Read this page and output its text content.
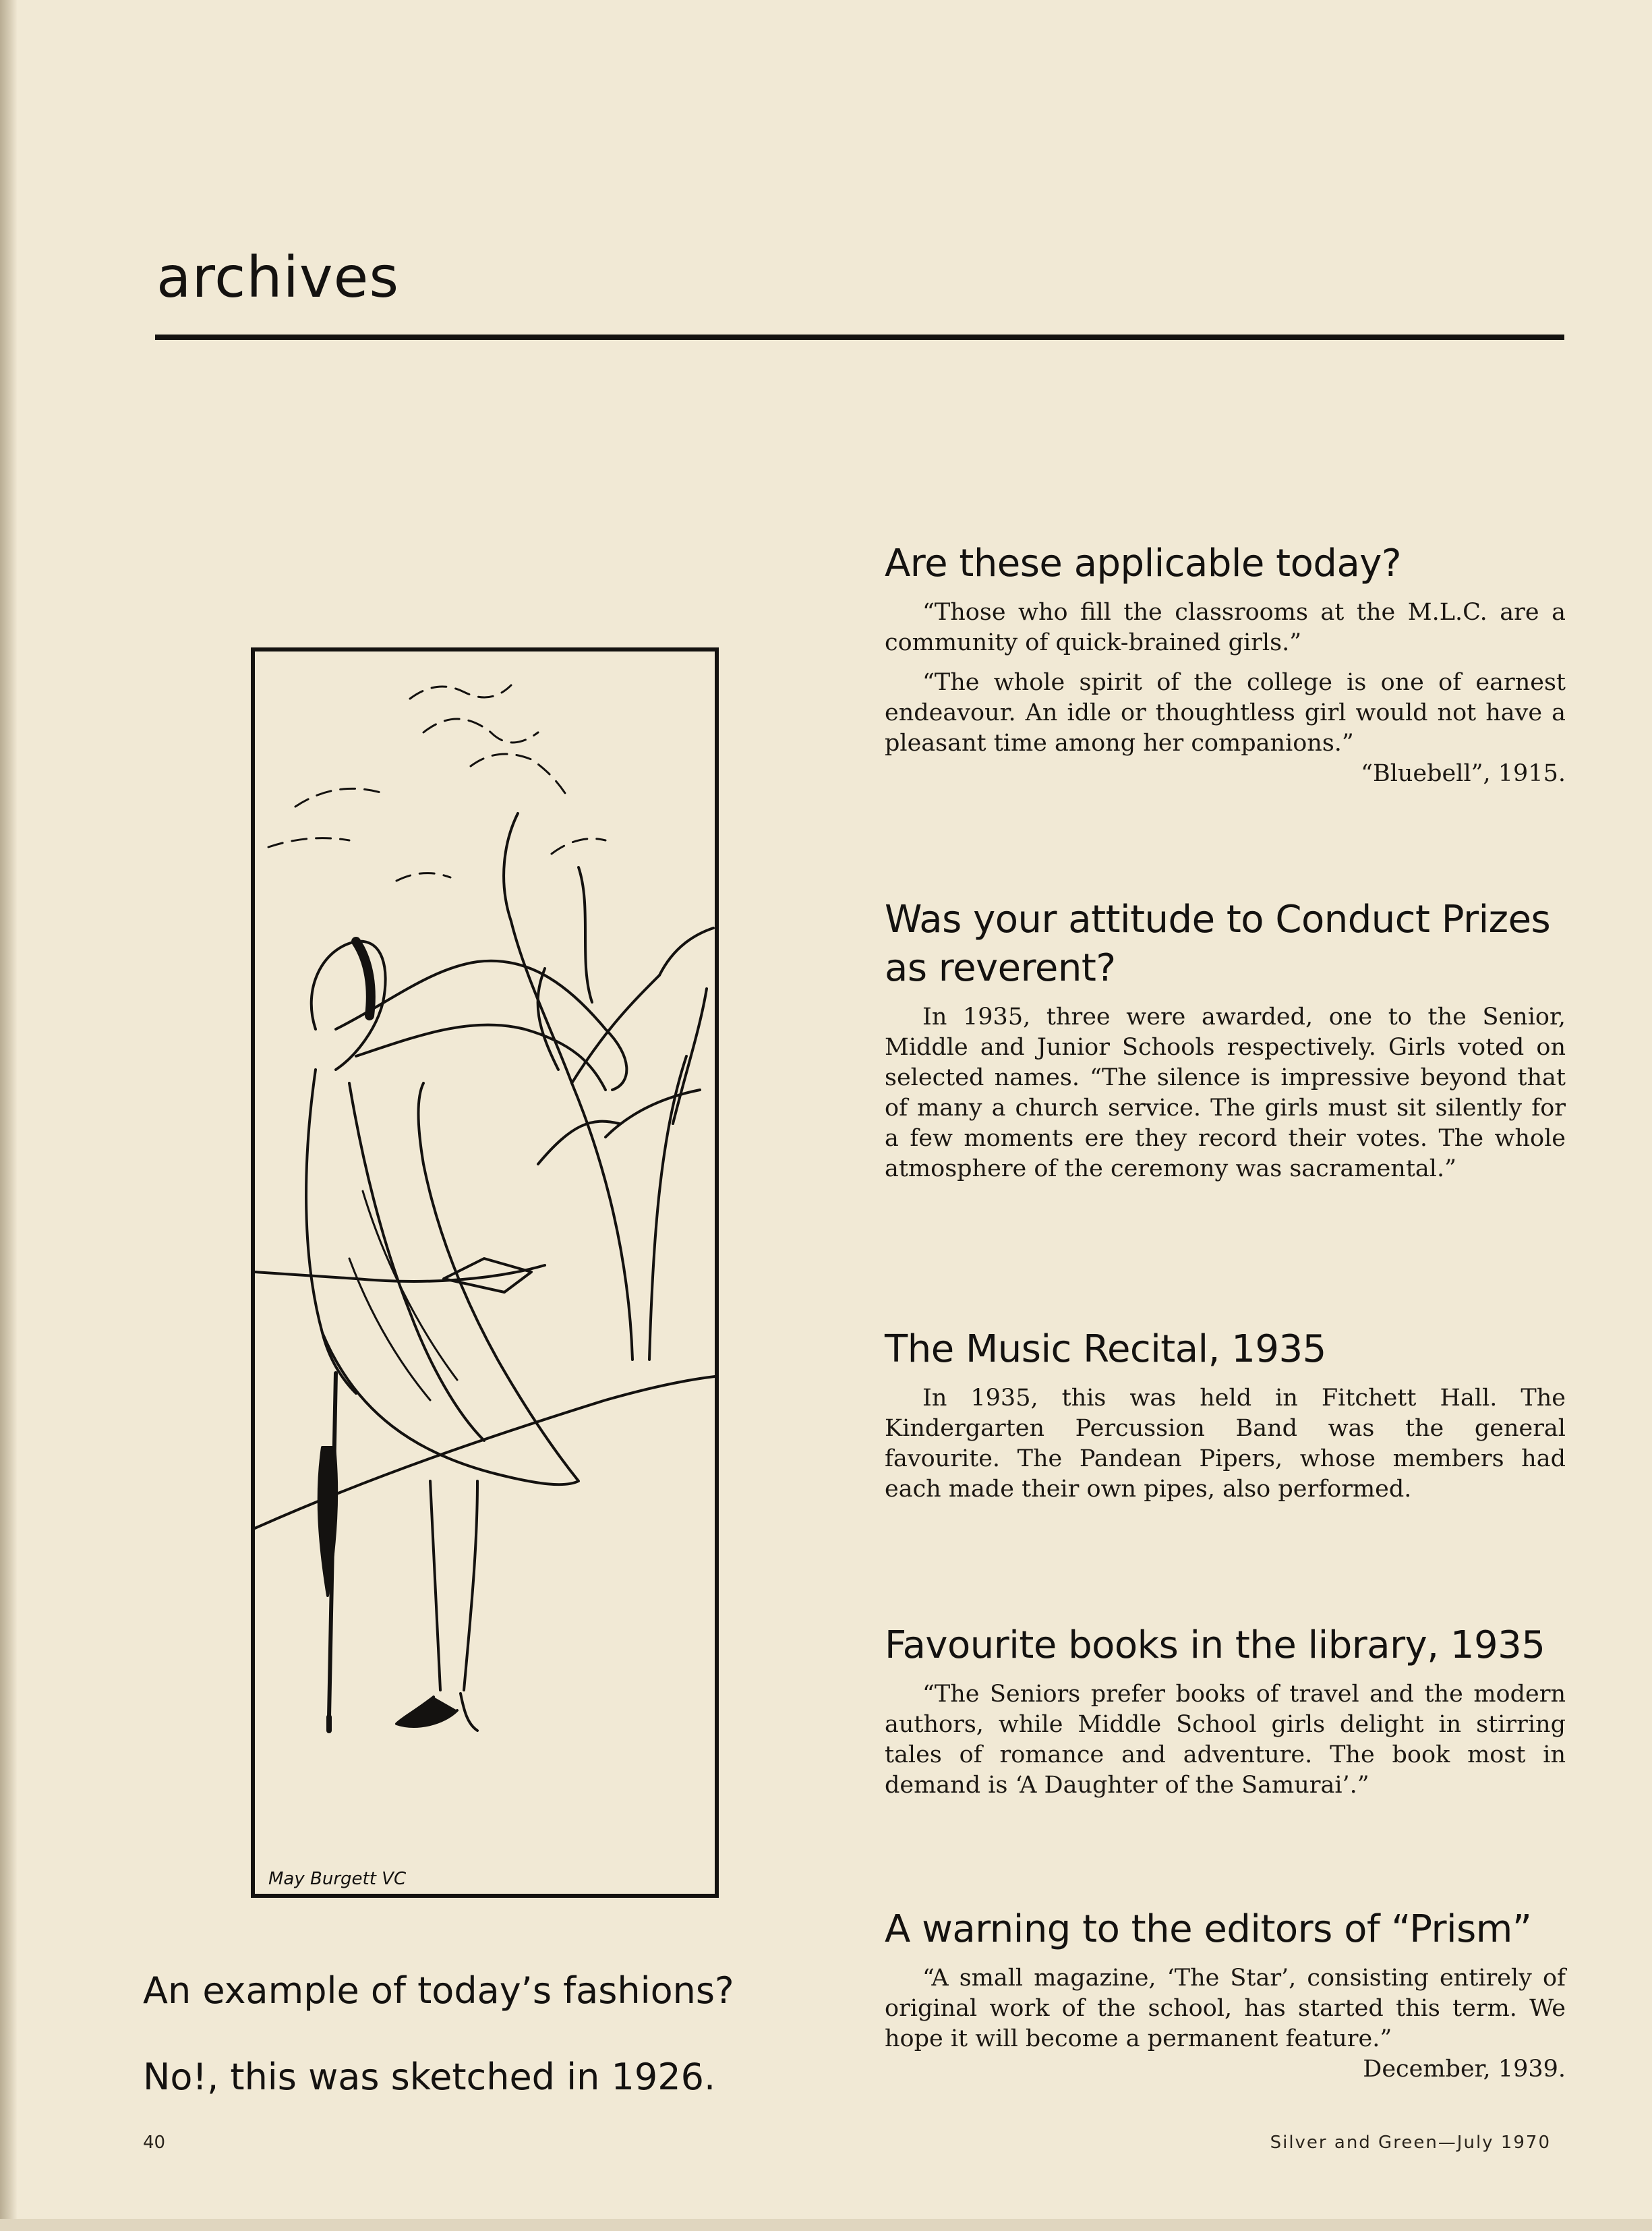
archives
Are these applicable today?

“Those who fill the classrooms at the M.L.C. are a community of quick-brained girls.”

“The whole spirit of the college is one of earnest endeavour. An idle or thoughtless girl would not have a pleasant time among her companions.”

“Bluebell”, 1915.

Was your attitude to Conduct Prizes as reverent?

In 1935, three were awarded, one to the Senior, Middle and Junior Schools respectively. Girls voted on selected names. “The silence is impressive beyond that of many a church service. The girls must sit silently for a few moments ere they record their votes. The whole atmosphere of the ceremony was sacramental.”

The Music Recital, 1935

In 1935, this was held in Fitchett Hall. The Kindergarten Percussion Band was the general favourite. The Pandean Pipers, whose members had each made their own pipes, also performed.

Favourite books in the library, 1935

“The Seniors prefer books of travel and the modern authors, while Middle School girls delight in stirring tales of romance and adventure. The book most in demand is ‘A Daughter of the Samurai’.”

A warning to the editors of “Prism”

“A small magazine, ‘The Star’, consisting entirely of original work of the school, has started this term. We hope it will become a permanent feature.”

December, 1939.

May Burgett VC

An example of today’s fashions?

No!, this was sketched in 1926.

40	Silver and Green—July 1970
